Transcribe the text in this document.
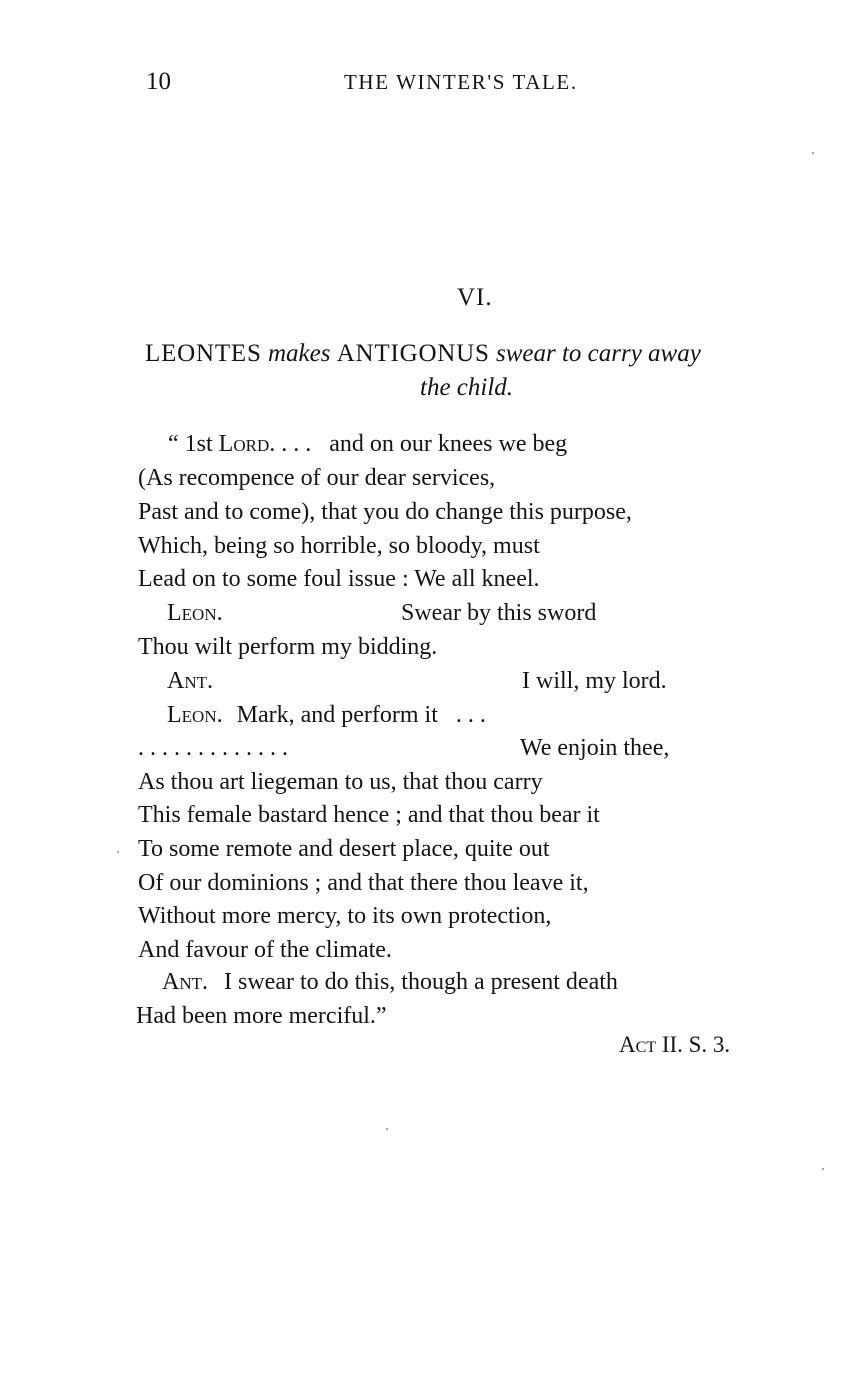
10	THE WINTER'S TALE.
VI.
LEONTES makes ANTIGONUS swear to carry away
the child.
“ 1st Lord. . . .   and on our knees we beg
(As recompence of our dear services,
Past and to come), that you do change this purpose,
Which, being so horrible, so bloody, must
Lead on to some foul issue : We all kneel.
Leon.	Swear by this sword
Thou wilt perform my bidding.
Ant.	I will, my lord.
Leon. Mark, and perform it   . . .
. . . . . . . . . . . . .	We enjoin thee,
As thou art liegeman to us, that thou carry
This female bastard hence ; and that thou bear it
To some remote and desert place, quite out
Of our dominions ; and that there thou leave it,
Without more mercy, to its own protection,
And favour of the climate.
Ant. I swear to do this, though a present death
Had been more merciful.”
Act II. S. 3.
